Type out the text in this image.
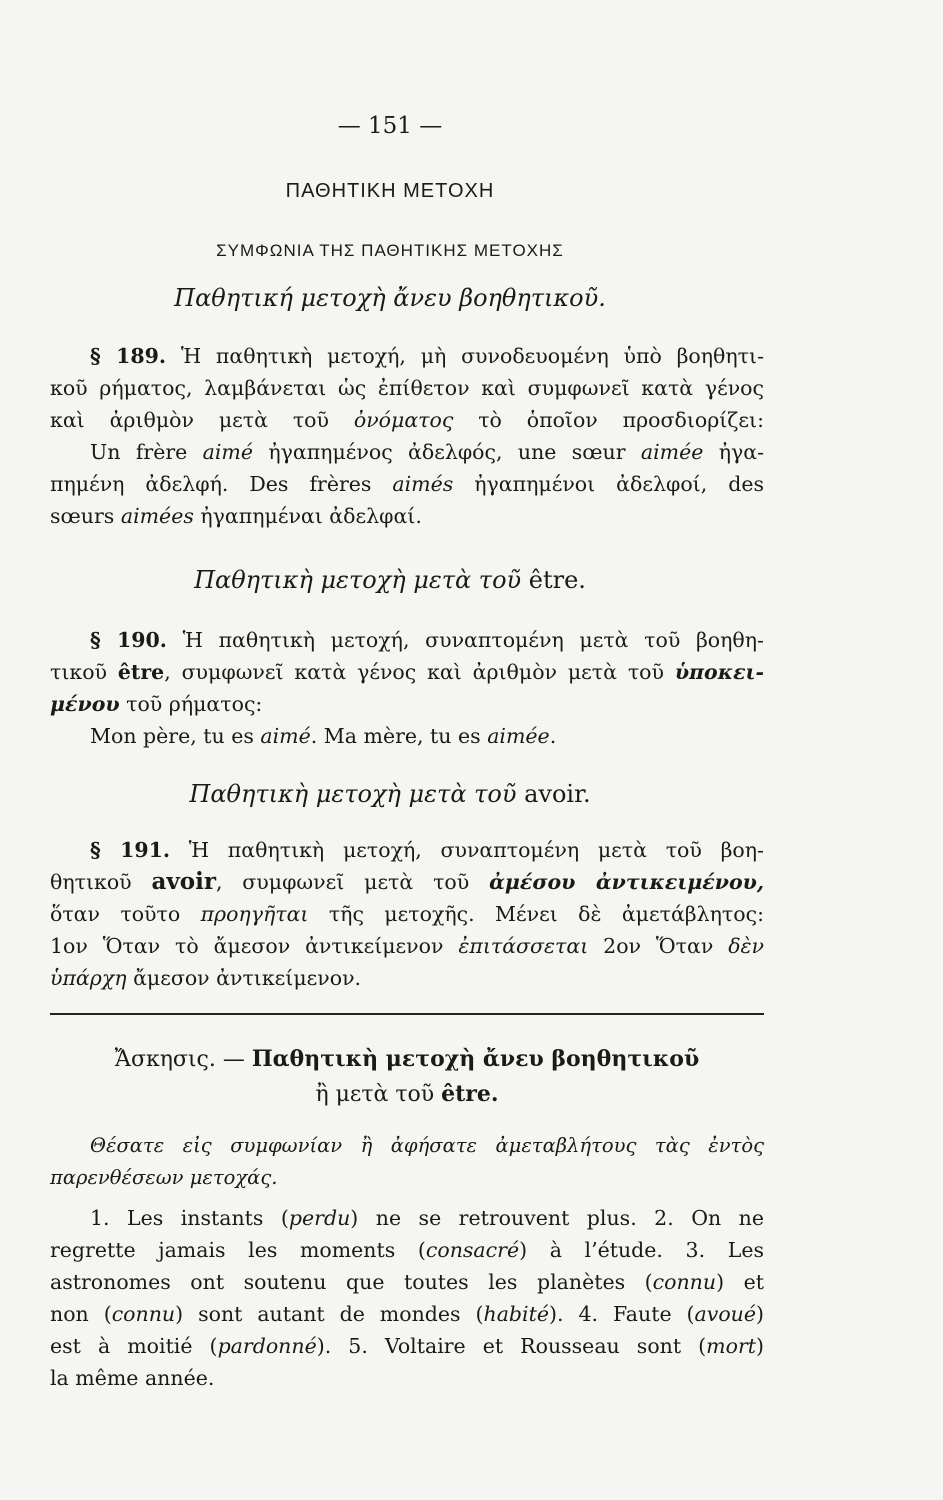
— 151 —
ΠΑΘΗΤΙΚΗ ΜΕΤΟΧΗ
ΣΥΜΦΩΝΙΑ ΤΗΣ ΠΑΘΗΤΙΚΗΣ ΜΕΤΟΧΗΣ
Παθητική μετοχὴ ἄνευ βοηθητικοῦ.
§ 189. Ἡ παθητικὴ μετοχή, μὴ συνοδευομένη ὑπὸ βοηθητι-
κοῦ ρήματος, λαμβάνεται ὡς ἐπίθετον καὶ συμφωνεῖ κατὰ γένος
καὶ ἀριθμὸν μετὰ τοῦ ὀνόματος τὸ ὁποῖον προσδιορίζει:
Un frère aimé ἠγαπημένος ἀδελφός, une sœur aimée ἠγα-
πημένη ἀδελφή. Des frères aimés ἠγαπημένοι ἀδελφοί, des
sœurs aimées ἠγαπημέναι ἀδελφαί.
Παθητικὴ μετοχὴ μετὰ τοῦ être.
§ 190. Ἡ παθητικὴ μετοχή, συναπτομένη μετὰ τοῦ βοηθη-
τικοῦ être, συμφωνεῖ κατὰ γένος καὶ ἀριθμὸν μετὰ τοῦ ὑποκει-
μένου τοῦ ρήματος:
Mon père, tu es aimé. Ma mère, tu es aimée.
Παθητικὴ μετοχὴ μετὰ τοῦ avoir.
§ 191. Ἡ παθητικὴ μετοχή, συναπτομένη μετὰ τοῦ βοη-
θητικοῦ avoir, συμφωνεῖ μετὰ τοῦ ἀμέσου ἀντικειμένου,
ὅταν τοῦτο προηγῆται τῆς μετοχῆς. Μένει δὲ ἀμετάβλητος:
1ον Ὅταν τὸ ἄμεσον ἀντικείμενον ἐπιτάσσεται 2ον Ὅταν δὲν
ὑπάρχη ἄμεσον ἀντικείμενον.
Ἄσκησις. — Παθητικὴ μετοχὴ ἄνευ βοηθητικοῦ
ἢ μετὰ τοῦ être.
Θέσατε εἰς συμφωνίαν ἢ ἀφήσατε ἀμεταβλήτους τὰς ἐντὸς
παρενθέσεων μετοχάς.
1. Les instants (perdu) ne se retrouvent plus. 2. On ne
regrette jamais les moments (consacré) à l’étude. 3. Les
astronomes ont soutenu que toutes les planètes (connu) et
non (connu) sont autant de mondes (habité). 4. Faute (avoué)
est à moitié (pardonné). 5. Voltaire et Rousseau sont (mort)
la même année.
